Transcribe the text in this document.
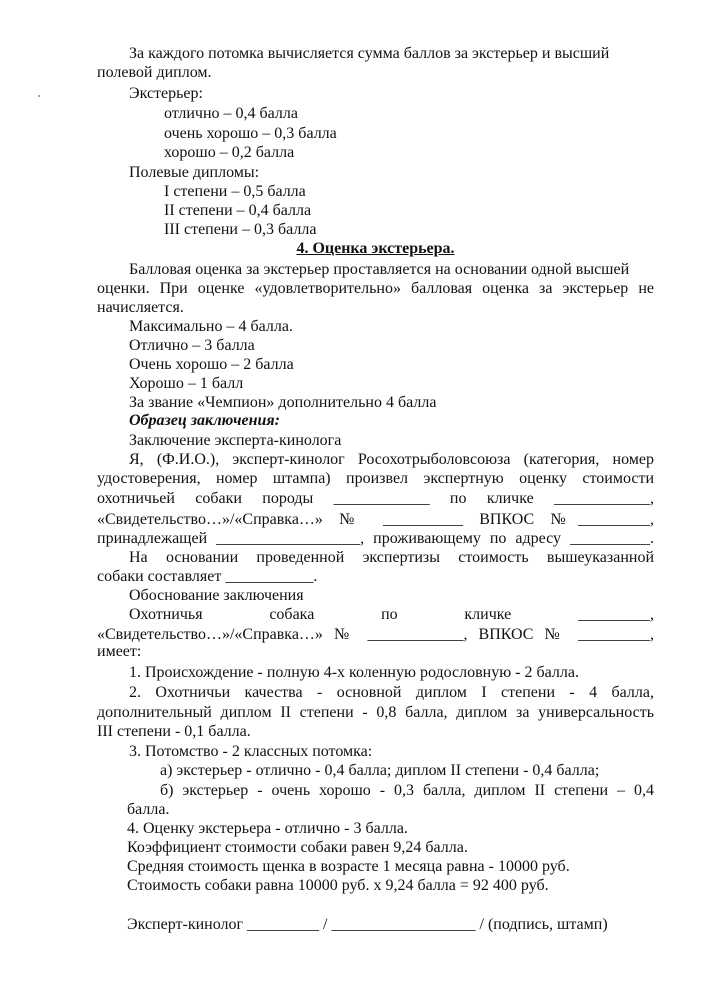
За каждого потомка вычисляется сумма баллов за экстерьер и высший
полевой диплом.
Экстерьер:
отлично – 0,4 балла
очень хорошо – 0,3 балла
хорошо – 0,2 балла
Полевые дипломы:
I степени – 0,5 балла
II степени – 0,4 балла
III степени – 0,3 балла
4. Оценка экстерьера.
Балловая оценка за экстерьер проставляется на основании одной высшей
оценки. При оценке «удовлетворительно» балловая оценка за экстерьер не
начисляется.
Максимально – 4 балла.
Отлично – 3 балла
Очень хорошо – 2 балла
Хорошо – 1 балл
За звание «Чемпион» дополнительно 4 балла
Образец заключения:
Заключение эксперта-кинолога
Я, (Ф.И.О.), эксперт-кинолог Росохотрыболовсоюза (категория, номер
удостоверения, номер штампа) произвел экспертную оценку стоимости
охотничьей собаки породы ____________ по кличке ____________,
«Свидетельство…»/«Справка…» № __________ ВПКОС №_________,
принадлежащей __________________, проживающему по адресу __________.
На основании проведенной экспертизы стоимость вышеуказанной
собаки составляет ___________.
Обоснование заключения
Охотничья собака по кличке _________,
«Свидетельство…»/«Справка…» № ____________, ВПКОС № _________,
имеет:
1. Происхождение - полную 4-х коленную родословную - 2 балла.
2. Охотничьи качества - основной диплом I степени - 4 балла,
дополнительный диплом II степени - 0,8 балла, диплом за универсальность
III степени - 0,1 балла.
3. Потомство - 2 классных потомка:
а) экстерьер - отлично - 0,4 балла; диплом II степени - 0,4 балла;
б) экстерьер - очень хорошо - 0,3 балла, диплом II степени – 0,4
балла.
4. Оценку экстерьера - отлично - 3 балла.
Коэффициент стоимости собаки равен 9,24 балла.
Средняя стоимость щенка в возрасте 1 месяца равна - 10000 руб.
Стоимость собаки равна 10000 руб. х 9,24 балла = 92 400 руб.
Эксперт-кинолог _________ / __________________ / (подпись, штамп)
